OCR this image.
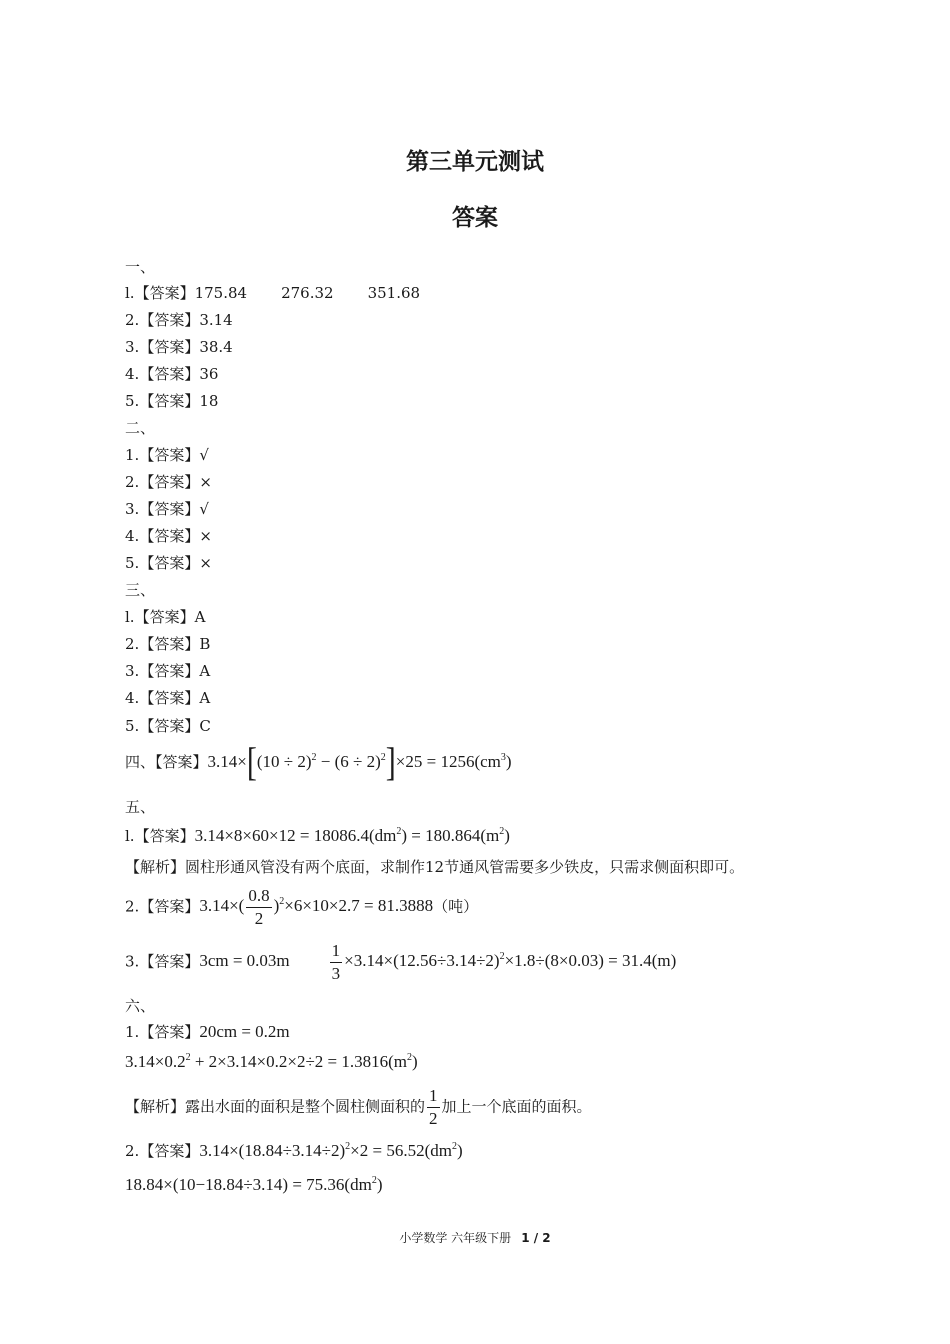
第三单元测试
答案
一、
l.【答案】175.84 276.32 351.68
2.【答案】3.14
3.【答案】38.4
4.【答案】36
5.【答案】18
二、
1.【答案】√
2.【答案】×
3.【答案】√
4.【答案】×
5.【答案】×
三、
l.【答案】A
2.【答案】B
3.【答案】A
4.【答案】A
5.【答案】C
四、【答案】$3.14\times[(10 \div 2)^2 - (6 \div 2)^2]\times 25 = 1256(cm^3)$
五、
l.【答案】$3.14\times 8\times 60\times 12 = 18086.4(dm^2) = 180.864(m^2)$
【解析】圆柱形通风管没有两个底面，求制作12节通风管需要多少铁皮，只需求侧面积即可。
2.【答案】$3.14\times( \frac{0.8}{2} )^2\times 6\times 10\times 2.7 = 81.3888$（吨）
3.【答案】$3cm = 0.03m \frac{1}{3} \times 3.14\times(12.56\div 3.14\div 2)^2\times 1.8\div(8\times 0.03) = 31.4(m)$
六、
1.【答案】20cm = 0.2m
$3.14\times 0.2^2 + 2\times 3.14\times 0.2\times 2\div 2 = 1.3816(m^2)$
【解析】露出水面的面积是整个圆柱侧面积的 $\frac{1}{2}$ 加上一个底面的面积。
2.【答案】$3.14\times(18.84\div 3.14\div 2)^2\times 2 = 56.52(dm^2)$
$18.84\times(10-18.84\div 3.14) = 75.36(dm^2)$
小学数学 六年级下册 1 / 2
